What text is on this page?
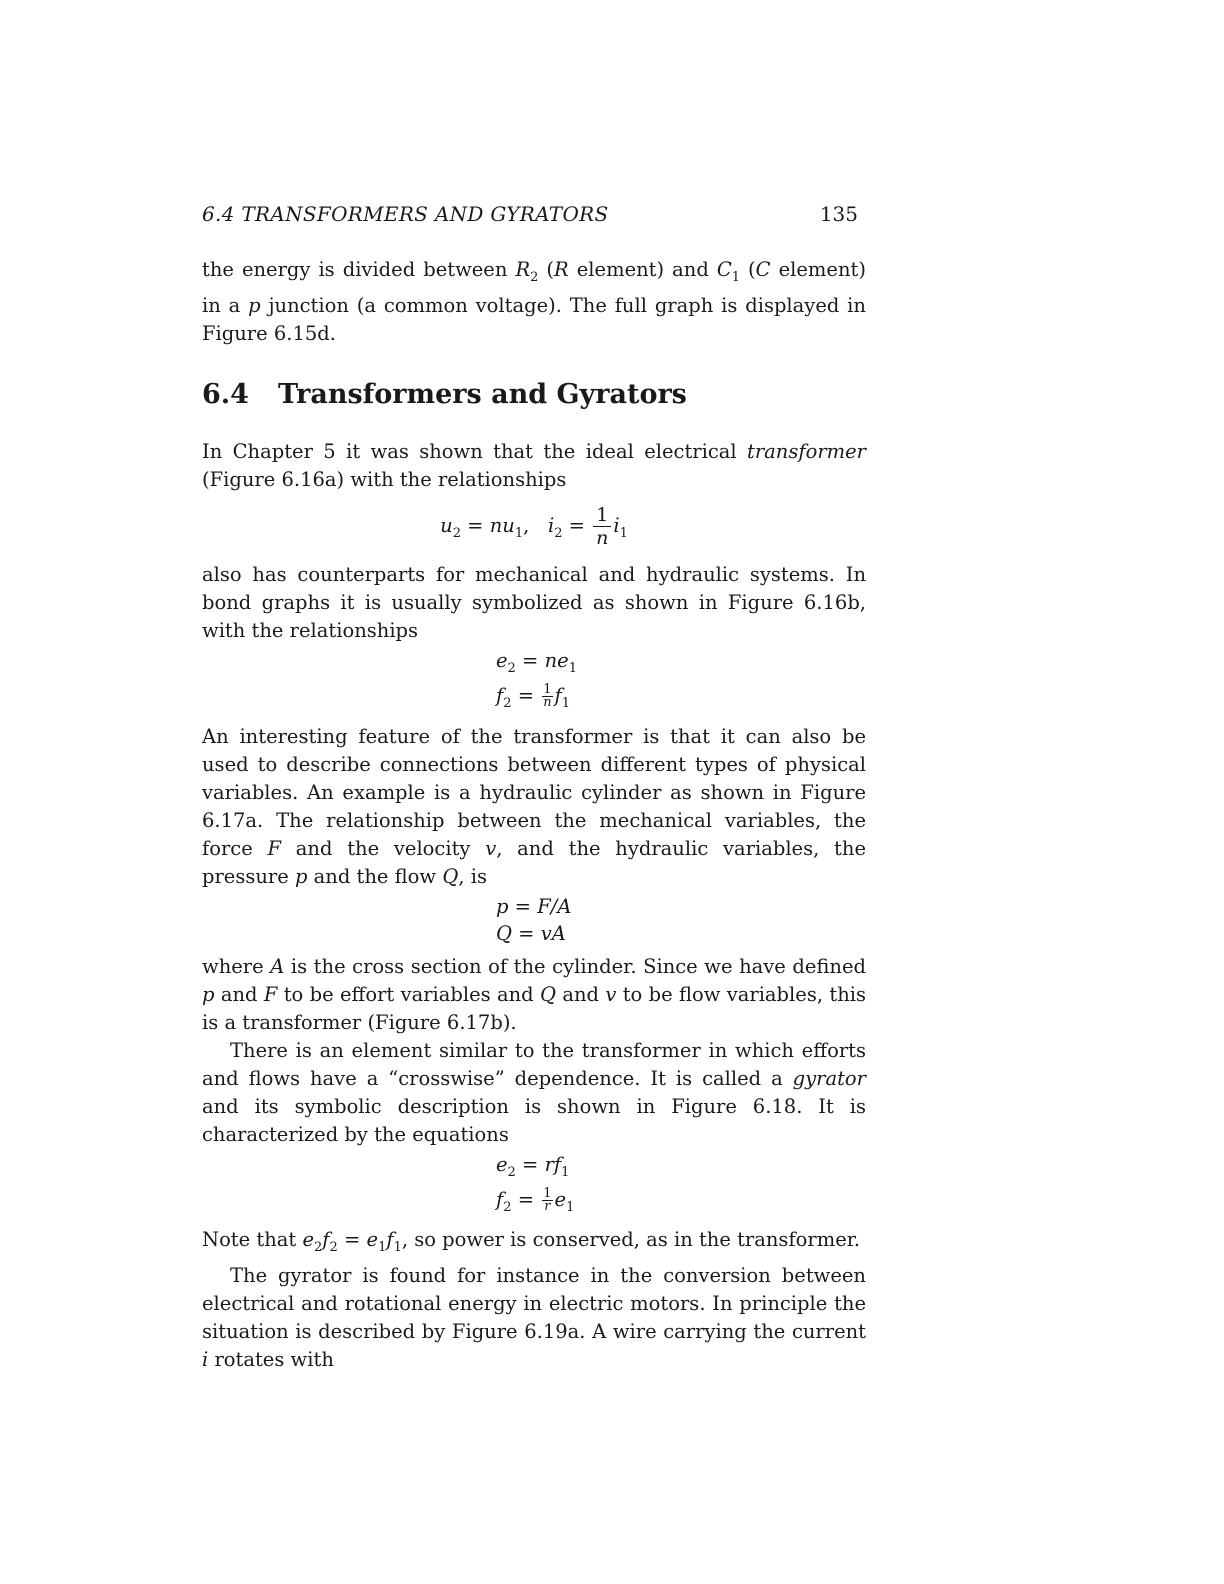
6.4 TRANSFORMERS AND GYRATORS	135

the energy is divided between $R_2$ (R element) and $C_1$ (C element) in a p junction (a common voltage). The full graph is displayed in Figure 6.15d.

6.4 Transformers and Gyrators

In Chapter 5 it was shown that the ideal electrical transformer (Figure 6.16a) with the relationships

$u_2 = nu_1$, $i_2 = \frac{1}{n} i_1$

also has counterparts for mechanical and hydraulic systems. In bond graphs it is usually symbolized as shown in Figure 6.16b, with the relationships

$e_2 = ne_1$
$f_2 = \frac{1}{n} f_1$

An interesting feature of the transformer is that it can also be used to describe connections between different types of physical variables. An example is a hydraulic cylinder as shown in Figure 6.17a. The relationship between the mechanical variables, the force F and the velocity v, and the hydraulic variables, the pressure p and the flow Q, is

p = F/A
Q = vA

where A is the cross section of the cylinder. Since we have defined p and F to be effort variables and Q and v to be flow variables, this is a transformer (Figure 6.17b).

There is an element similar to the transformer in which efforts and flows have a “crosswise” dependence. It is called a gyrator and its symbolic description is shown in Figure 6.18. It is characterized by the equations

$e_2 = rf_1$
$f_2 = \frac{1}{r} e_1$

Note that $e_2f_2 = e_1f_1$, so power is conserved, as in the transformer.

The gyrator is found for instance in the conversion between electrical and rotational energy in electric motors. In principle the situation is described by Figure 6.19a. A wire carrying the current i rotates with
